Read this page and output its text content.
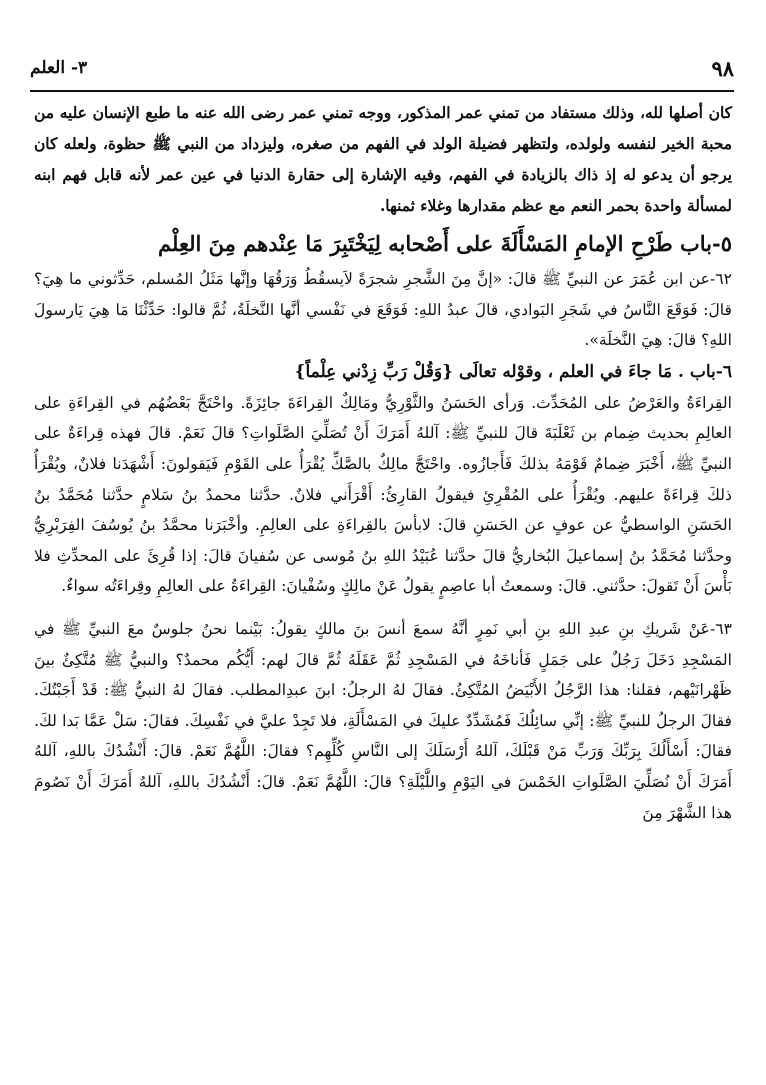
٩٨
٣- العلم

كان أصلها لله، وذلك مستفاد من تمني عمر المذكور، ووجه تمني عمر رضى الله عنه ما طبع الإنسان عليه من محبة الخير لنفسه ولولده، ولتظهر فضيلة الولد في الفهم من صغره، وليزداد من النبي ﷺ حظوة، ولعله كان يرجو أن يدعو له إذ ذاك بالزيادة في الفهم، وفيه الإشارة إلى حقارة الدنيا في عين عمر لأنه قابل فهم ابنه لمسألة واحدة بحمر النعم مع عظم مقدارها وغلاء ثمنها.

٥-باب طَرْحِ الإمامِ المَسْأَلَةَ على أَصْحابه لِيَخْتَبِرَ مَا عِنْدهم مِنَ العِلْم

٦٢-عن ابن عُمَرَ عن النبيِّ ﷺ قالَ: «إنَّ مِنَ الشَّجرِ شجرَةً لاَيسقُطُ وَرَقُهَا وإنَّها مَثَلُ المُسلم، حَدِّثوني ما هِيَ؟ قالَ: فَوَقَعَ النَّاسُ في شَجَرِ البَوادي، قالَ عبدُ اللهِ: فَوَقَعَ في نَفْسي أنَّها النَّخلَةُ، ثُمَّ قالوا: حَدِّثْنَا مَا هِيَ يَارسولَ اللهِ؟ قالَ: هِيَ النَّخلَة».

٦-باب . مَا جاءَ في العلم ، وقوْله تعالَى {وَقُلْ رَبِّ زِدْني عِلْماً}

القِراءَةُ والعَرْضُ على المُحَدِّث. وَرأى الحَسَنُ والثَّوْرِيُّ ومَالِكٌ القِراءَةَ جائِزَةً. واحْتَجَّ بَعْضُهُم في القِراءَةِ على العالِمِ بحديث ضِمام بن ثَعْلَبَةَ قالَ للنبيِّ ﷺ: آللهُ أَمَرَكَ أَنْ تُصَلِّيَ الصَّلَواتِ؟ قالَ نَعَمْ. قالَ فهذه قِراءَةٌ على النبيِّ ﷺ، أَخْبَرَ ضِمامٌ قَوْمَهُ بذلكَ فَأَجازُوه. واحْتَجَّ مالِكٌ بالصَّكِّ يُقْرَأُ على القَوْمِ فَيَقولونَ: أَشْهَدَنا فلانٌ، ويُقْرَأُ ذلكَ قِراءَةً عليهم. ويُقْرَأُ على المُقْرِئِ فيقولُ القارِئُ: أَقْرَأَني فلانٌ. حدَّثنا محمدُ بنُ سَلامٍ حدَّثنا مُحَمَّدُ بنُ الحَسَنِ الواسطيُّ عن عوفٍ عن الحَسَنِ قالَ: لابأسَ بالقِراءَةِ على العالِمِ. وأخْبَرَنا محمَّدُ بنُ يُوسُفَ الفِرَبْرِيُّ وحدَّثنا مُحَمَّدُ بنُ إسماعيلَ البُخاريُّ قالَ حدَّثنا عُبَيْدُ اللهِ بنُ مُوسى عن سُفيانَ قالَ: إذا قُرِئَ على المحدِّثِ فلا بَأْسَ أَنْ تَقولَ: حدَّثني. قالَ: وسمعتُ أبا عاصِمٍ يقولُ عَنْ مالِكٍ وسُفْيانَ: القِراءَةُ على العالِمِ وقِراءَتُه سواءٌ.

٦٣-عَنْ شَريكِ بنِ عبدِ اللهِ بنِ أبي نَمِرٍ أنَّهُ سمعَ أنسَ بنَ مالكٍ يقولُ: بَيْنما نحنُ جلوسٌ معَ النبيِّ ﷺ في المَسْجِدِ دَخَلَ رَجُلٌ على جَمَلٍ فَأناخَهُ في المَسْجِدِ ثُمَّ عَقَلَهُ ثُمَّ قالَ لهم: أَيُّكُم محمدٌ؟ والنبيُّ ﷺ مُتَّكِئٌ بينَ ظَهْرانَيْهم، فقلنا: هذا الرَّجُلُ الأَبْيَضُ المُتَّكِئُ. فقالَ لهُ الرجلُ: ابنَ عبدِالمطلب. فقالَ لهُ النبيُّ ﷺ: قَدْ أَجَبْتُكَ. فقالَ الرجلُ للنبيِّ ﷺ: إنِّي سائِلُكَ فَمُشَدِّدٌ عليكَ في المَسْأَلَةِ، فلا تَجِدْ عليَّ في نَفْسِكَ. فقالَ: سَلْ عَمَّا بَدا لكَ. فقالَ: أَسْأَلُكَ بِرَبِّكَ وَرَبِّ مَنْ قَبْلَكَ، آللهُ أَرْسَلَكَ إلى النَّاسِ كُلِّهِم؟ فقالَ: اللَّهُمَّ نَعَمْ. قالَ: أَنْشُدُكَ باللهِ، آللهُ أَمَرَكَ أَنْ نُصَلِّيَ الصَّلَواتِ الخَمْسَ في اليَوْمِ واللَّيْلَةِ؟ قالَ: اللَّهُمَّ نَعَمْ. قالَ: أَنْشُدُكَ باللهِ، آللهُ أَمَرَكَ أَنْ نَصُومَ هذا الشَّهْرَ مِنَ
